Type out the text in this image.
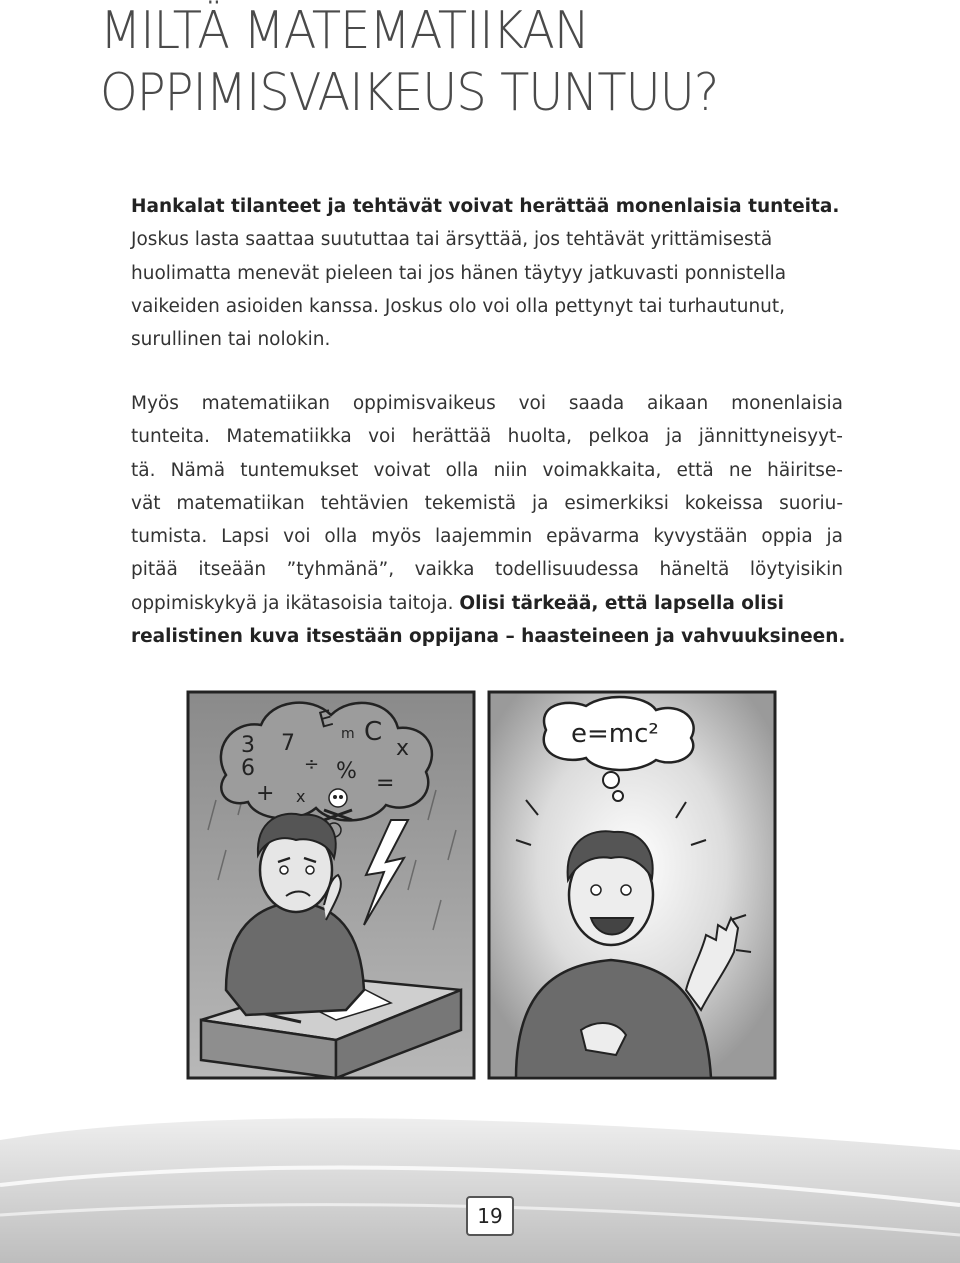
MILTÄ MATEMATIIKAN
OPPIMISVAIKEUS TUNTUU?
Hankalat tilanteet ja tehtävät voivat herättää monenlaisia tunteita.
Joskus lasta saattaa suututtaa tai ärsyttää, jos tehtävät yrittämisestä
huolimatta menevät pieleen tai jos hänen täytyy jatkuvasti ponnistella
vaikeiden asioiden kanssa. Joskus olo voi olla pettynyt tai turhautunut,
surullinen tai nolokin.
Myös matematiikan oppimisvaikeus voi saada aikaan monenlaisia
tunteita. Matematiikka voi herättää huolta, pelkoa ja jännittyneisyyt-
tä. Nämä tuntemukset voivat olla niin voimakkaita, että ne häiritse-
vät matematiikan tehtävien tekemistä ja esimerkiksi kokeissa suoriu-
tumista. Lapsi voi olla myös laajemmin epävarma kyvystään oppia ja
pitää itseään ”tyhmänä”, vaikka todellisuudessa häneltä löytyisikin
oppimiskykyä ja ikätasoisia taitoja. Olisi tärkeää, että lapsella olisi
realistinen kuva itsestään oppijana – haasteineen ja vahvuuksineen.
E
m C
x
3 7
6	% =
+ x
÷
e=mc²
19
